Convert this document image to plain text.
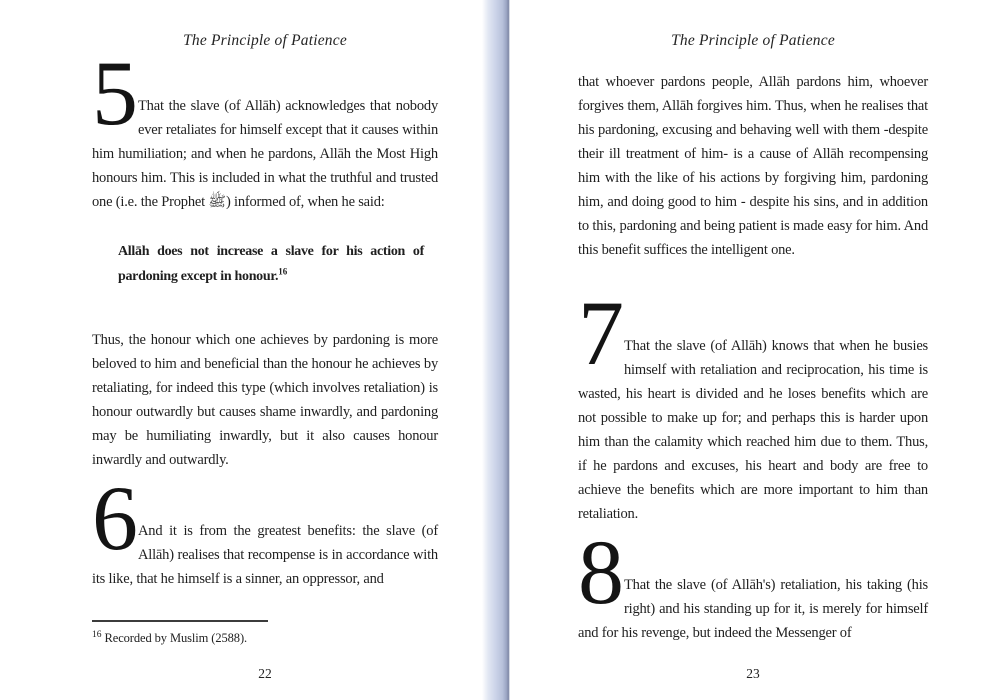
The Principle of Patience
5 That the slave (of Allāh) acknowledges that nobody ever retaliates for himself except that it causes within him humiliation; and when he pardons, Allāh the Most High honours him. This is included in what the truthful and trusted one (i.e. the Prophet ﷺ) informed of, when he said:
Allāh does not increase a slave for his action of pardoning except in honour.$^{16}$
Thus, the honour which one achieves by pardoning is more beloved to him and beneficial than the honour he achieves by retaliating, for indeed this type (which involves retaliation) is honour outwardly but causes shame inwardly, and pardoning may be humiliating inwardly, but it also causes honour inwardly and outwardly.
6 And it is from the greatest benefits: the slave (of Allāh) realises that recompense is in accordance with its like, that he himself is a sinner, an oppressor, and
$^{16}$ Recorded by Muslim (2588).
22
The Principle of Patience
that whoever pardons people, Allāh pardons him, whoever forgives them, Allāh forgives him. Thus, when he realises that his pardoning, excusing and behaving well with them -despite their ill treatment of him- is a cause of Allāh recompensing him with the like of his actions by forgiving him, pardoning him, and doing good to him - despite his sins, and in addition to this, pardoning and being patient is made easy for him. And this benefit suffices the intelligent one.
7 That the slave (of Allāh) knows that when he busies himself with retaliation and reciprocation, his time is wasted, his heart is divided and he loses benefits which are not possible to make up for; and perhaps this is harder upon him than the calamity which reached him due to them. Thus, if he pardons and excuses, his heart and body are free to achieve the benefits which are more important to him than retaliation.
8 That the slave (of Allāh's) retaliation, his taking (his right) and his standing up for it, is merely for himself and for his revenge, but indeed the Messenger of
23
